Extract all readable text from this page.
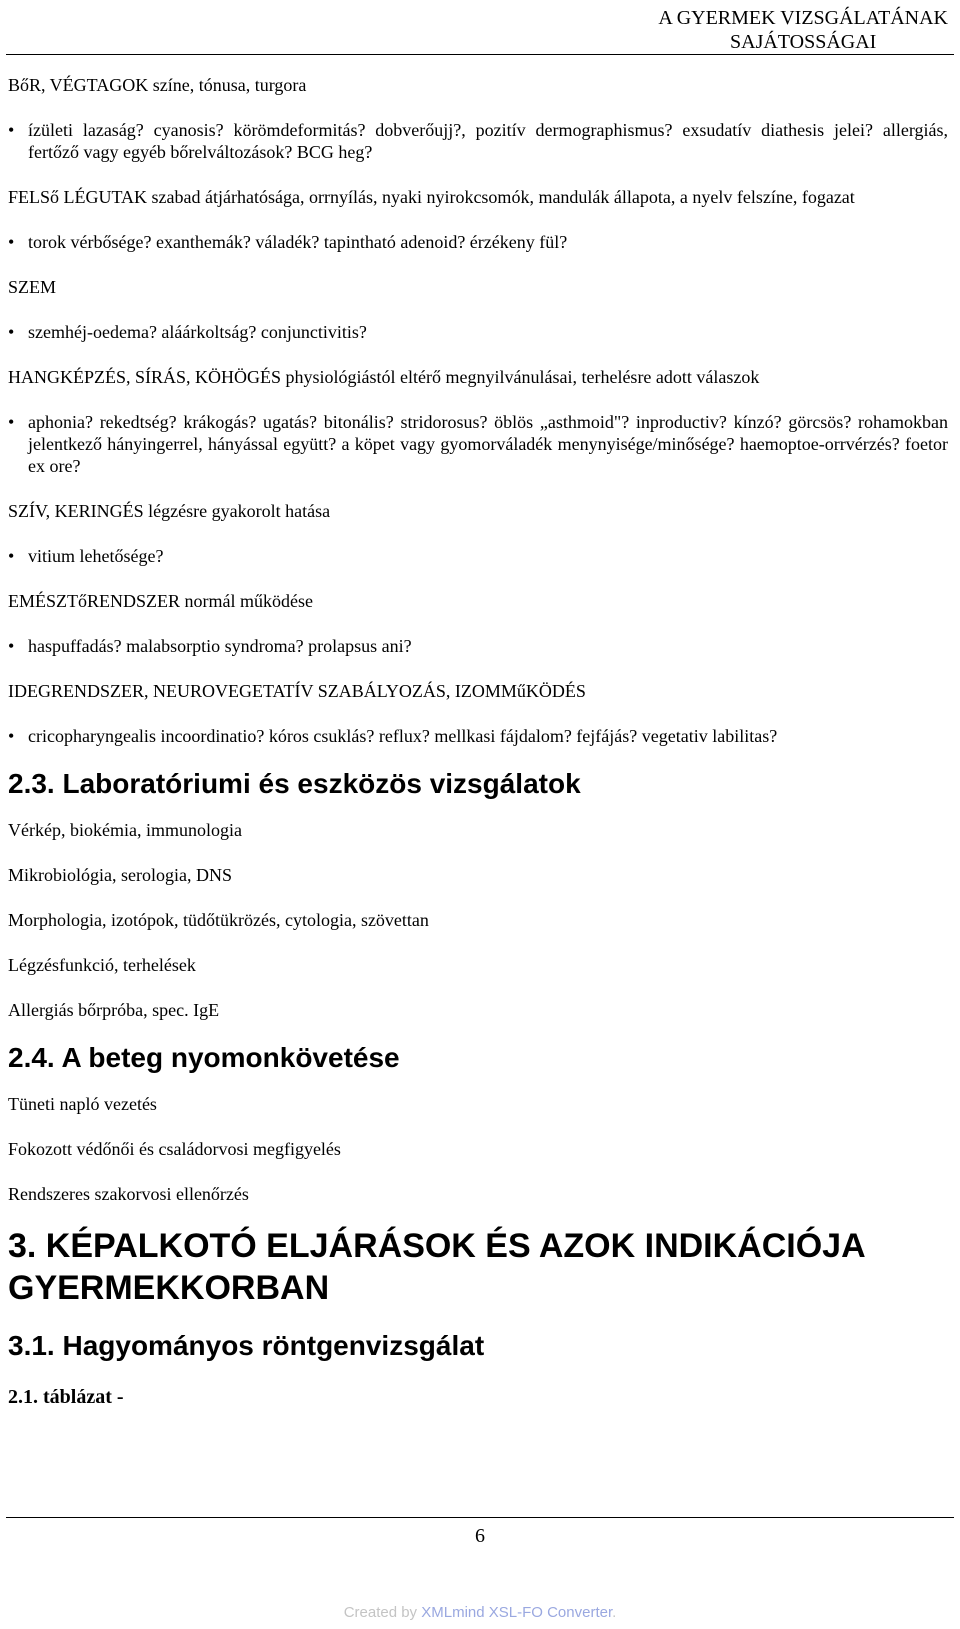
A GYERMEK VIZSGÁLATÁNAK
SAJÁTOSSÁGAI

BőR, VÉGTAGOK színe, tónusa, turgora

• ízületi lazaság? cyanosis? körömdeformitás? dobverőujj?, pozitív dermographismus? exsudatív diathesis jelei? allergiás, fertőző vagy egyéb bőrelváltozások? BCG heg?

FELSő LÉGUTAK szabad átjárhatósága, orrnyílás, nyaki nyirokcsomók, mandulák állapota, a nyelv felszíne, fogazat

• torok vérbősége? exanthemák? váladék? tapintható adenoid? érzékeny fül?

SZEM

• szemhéj-oedema? aláárkoltság? conjunctivitis?

HANGKÉPZÉS, SÍRÁS, KÖHÖGÉS physiológiástól eltérő megnyilvánulásai, terhelésre adott válaszok

• aphonia? rekedtség? krákogás? ugatás? bitonális? stridorosus? öblös „asthmoid"? inproductiv? kínzó? görcsös? rohamokban jelentkező hányingerrel, hányással együtt? a köpet vagy gyomorváladék menynyisége/minősége? haemoptoe-orrvérzés? foetor ex ore?

SZÍV, KERINGÉS légzésre gyakorolt hatása

• vitium lehetősége?

EMÉSZTőRENDSZER normál működése

• haspuffadás? malabsorptio syndroma? prolapsus ani?

IDEGRENDSZER, NEUROVEGETATÍV SZABÁLYOZÁS, IZOMMűKÖDÉS

• cricopharyngealis incoordinatio? kóros csuklás? reflux? mellkasi fájdalom? fejfájás? vegetativ labilitas?
2.3. Laboratóriumi és eszközös vizsgálatok

Vérkép, biokémia, immunologia

Mikrobiológia, serologia, DNS

Morphologia, izotópok, tüdőtükrözés, cytologia, szövettan

Légzésfunkció, terhelések

Allergiás bőrpróba, spec. IgE

2.4. A beteg nyomonkövetése

Tüneti napló vezetés

Fokozott védőnői és családorvosi megfigyelés

Rendszeres szakorvosi ellenőrzés

3. KÉPALKOTÓ ELJÁRÁSOK ÉS AZOK INDIKÁCIÓJA GYERMEKKORBAN
3.1. Hagyományos röntgenvizsgálat
2.1. táblázat -
6
Created by XMLmind XSL-FO Converter.
